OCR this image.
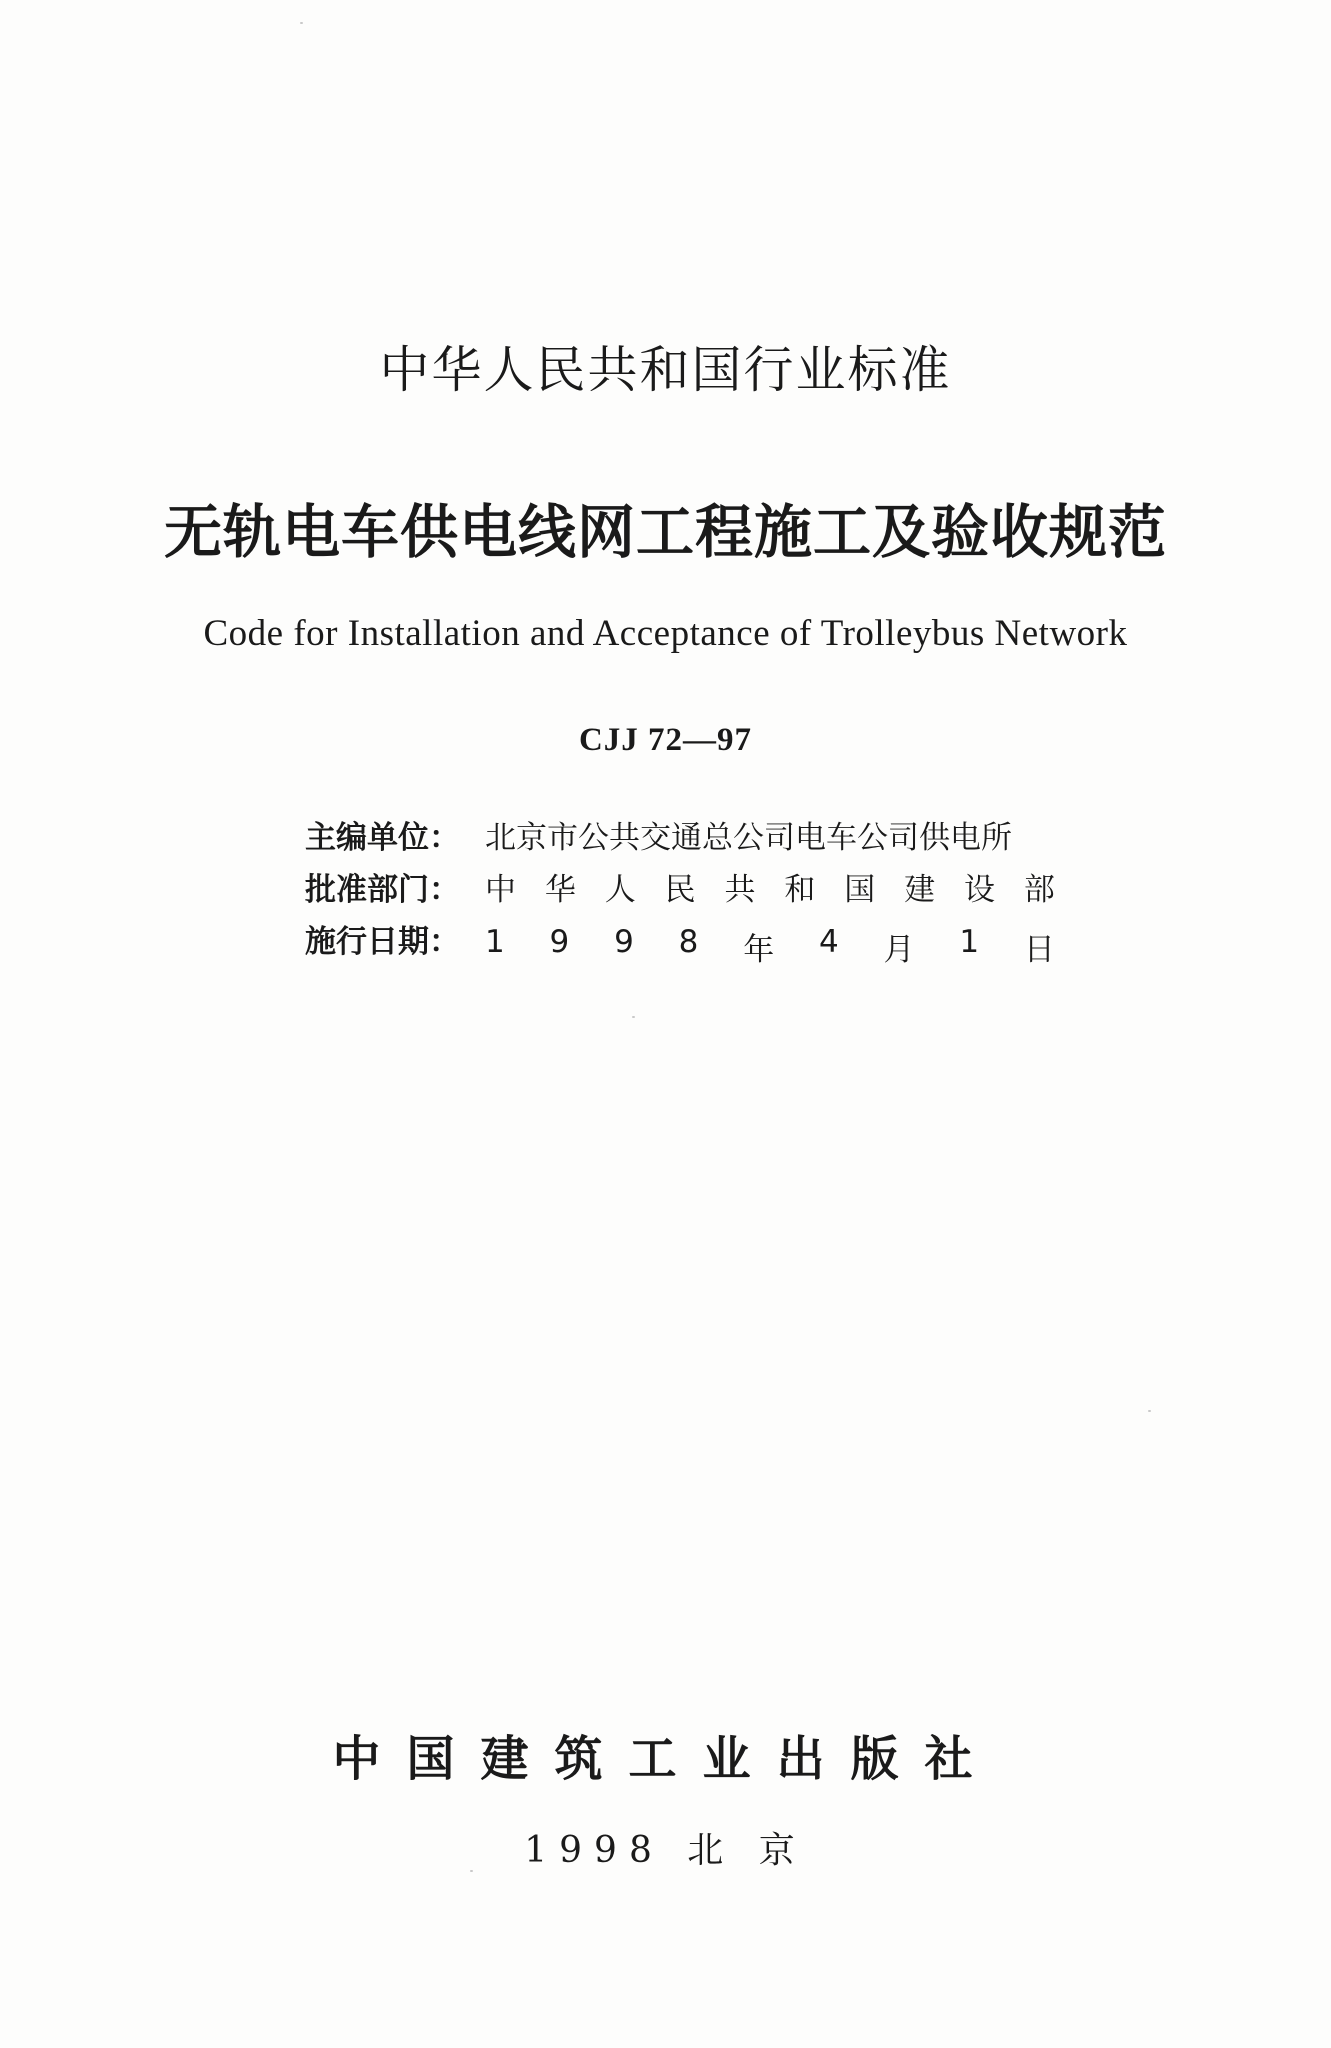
中华人民共和国行业标准
无轨电车供电线网工程施工及验收规范
Code for Installation and Acceptance of Trolleybus Network
CJJ 72—97
主编单位： 北京市公共交通总公司电车公司供电所
批准部门： 中 华 人 民 共 和 国 建 设 部
施行日期： 1 9 9 8 年 4 月 1 日
中国建筑工业出版社
1998 北 京
